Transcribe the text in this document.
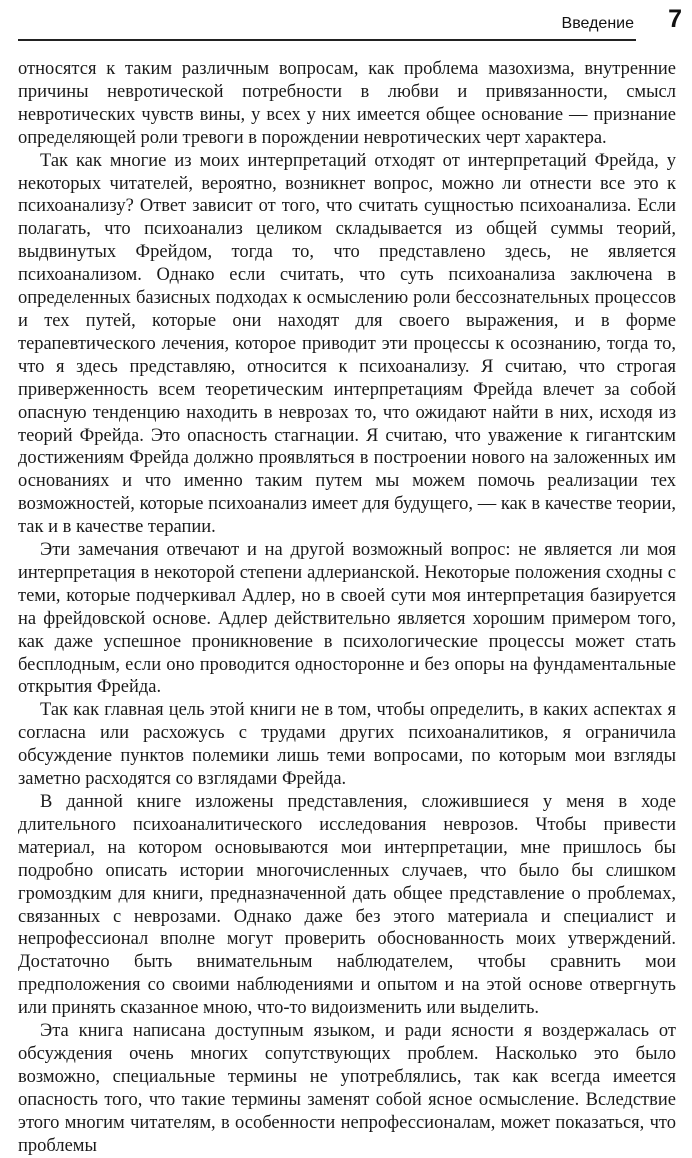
Введение 7

относятся к таким различным вопросам, как проблема мазохизма, внутренние причины невротической потребности в любви и привязанности, смысл невротических чувств вины, у всех у них имеется общее основание — признание определяющей роли тревоги в порождении невротических черт характера.

Так как многие из моих интерпретаций отходят от интерпретаций Фрейда, у некоторых читателей, вероятно, возникнет вопрос, можно ли отнести все это к психоанализу? Ответ зависит от того, что считать сущностью психоанализа. Если полагать, что психоанализ целиком складывается из общей суммы теорий, выдвинутых Фрейдом, тогда то, что представлено здесь, не является психоанализом. Однако если считать, что суть психоанализа заключена в определенных базисных подходах к осмыслению роли бессознательных процессов и тех путей, которые они находят для своего выражения, и в форме терапевтического лечения, которое приводит эти процессы к осознанию, тогда то, что я здесь представляю, относится к психоанализу. Я считаю, что строгая приверженность всем теоретическим интерпретациям Фрейда влечет за собой опасную тенденцию находить в неврозах то, что ожидают найти в них, исходя из теорий Фрейда. Это опасность стагнации. Я считаю, что уважение к гигантским достижениям Фрейда должно проявляться в построении нового на заложенных им основаниях и что именно таким путем мы можем помочь реализации тех возможностей, которые психоанализ имеет для будущего, — как в качестве теории, так и в качестве терапии.

Эти замечания отвечают и на другой возможный вопрос: не является ли моя интерпретация в некоторой степени адлерианской. Некоторые положения сходны с теми, которые подчеркивал Адлер, но в своей сути моя интерпретация базируется на фрейдовской основе. Адлер действительно является хорошим примером того, как даже успешное проникновение в психологические процессы может стать бесплодным, если оно проводится односторонне и без опоры на фундаментальные открытия Фрейда.

Так как главная цель этой книги не в том, чтобы определить, в каких аспектах я согласна или расхожусь с трудами других психоаналитиков, я ограничила обсуждение пунктов полемики лишь теми вопросами, по которым мои взгляды заметно расходятся со взглядами Фрейда.

В данной книге изложены представления, сложившиеся у меня в ходе длительного психоаналитического исследования неврозов. Чтобы привести материал, на котором основываются мои интерпретации, мне пришлось бы подробно описать истории многочисленных случаев, что было бы слишком громоздким для книги, предназначенной дать общее представление о проблемах, связанных с неврозами. Однако даже без этого материала и специалист и непрофессионал вполне могут проверить обоснованность моих утверждений. Достаточно быть внимательным наблюдателем, чтобы сравнить мои предположения со своими наблюдениями и опытом и на этой основе отвергнуть или принять сказанное мною, что-то видоизменить или выделить.

Эта книга написана доступным языком, и ради ясности я воздержалась от обсуждения очень многих сопутствующих проблем. Насколько это было возможно, специальные термины не употреблялись, так как всегда имеется опасность того, что такие термины заменят собой ясное осмысление. Вследствие этого многим читателям, в особенности непрофессионалам, может показаться, что проблемы
